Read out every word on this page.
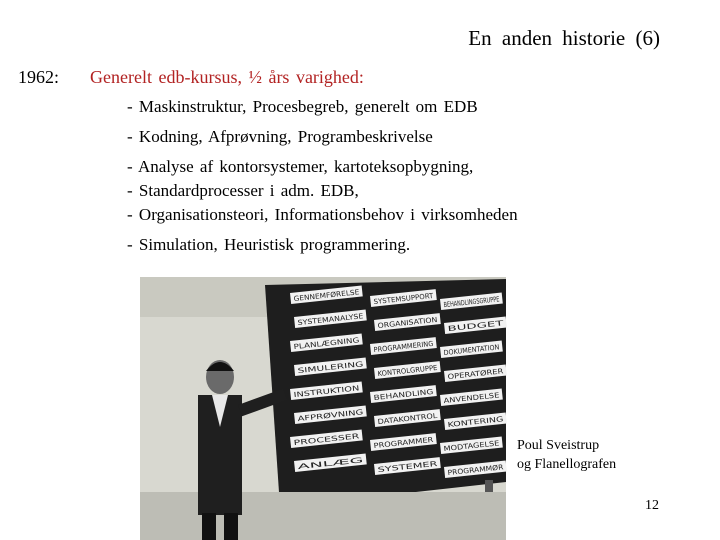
En anden historie (6)
1962: Generelt edb-kursus, ½ års varighed:
- Maskinstruktur, Procesbegreb, generelt om EDB
- Kodning, Afprøvning, Programbeskrivelse
- Analyse af kontorsystemer, kartoteksopbygning,
- Standardprocesser i adm. EDB,
- Organisationsteori, Informationsbehov i virksomheden
- Simulation, Heuristisk programmering.
GENNEMFØRELSE	SYSTEMSUPPORT BEHANDLINGSGRUPPE
SYSTEMANALYSE	ORGANISATION	BUDGET
PLANLÆGNING	PROGRAMMERING DOKUMENTATION
SIMULERING	KONTROLGRUPPE OPERATØRER
INSTRUKTION	BEHANDLING	ANVENDELSE
AFPRØVNING	DATAKONTROL	KONTERING
PROCESSER	PROGRAMMER	MODTAGELSE
ANLÆG	SYSTEMER	PROGRAMMØR
Poul Sveistrup
og Flanellografen
12
